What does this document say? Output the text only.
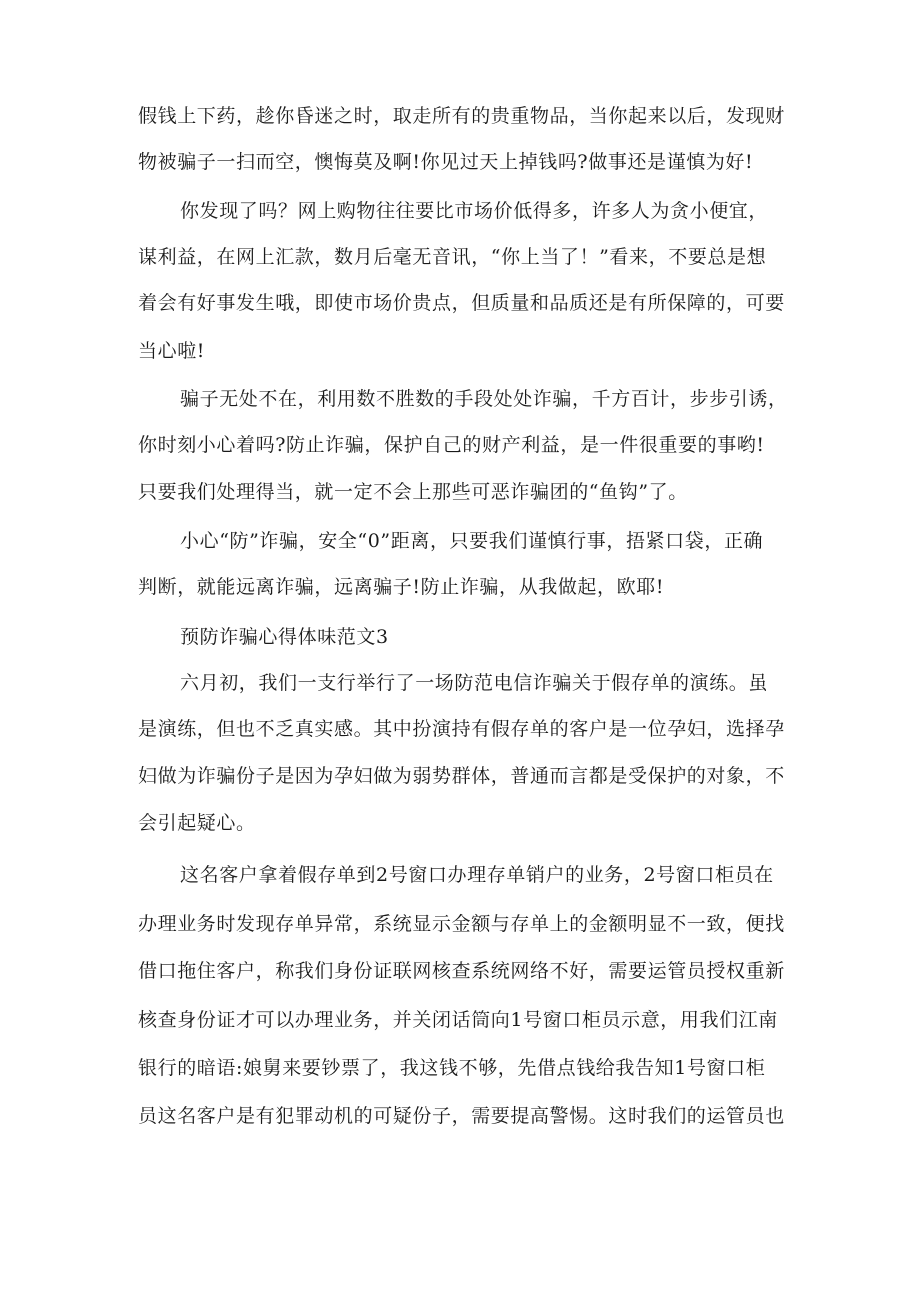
假钱上下药，趁你昏迷之时，取走所有的贵重物品，当你起来以后，发现财
物被骗子一扫而空，懊悔莫及啊!你见过天上掉钱吗?做事还是谨慎为好!
你发现了吗？网上购物往往要比市场价低得多，许多人为贪小便宜，
谋利益，在网上汇款，数月后毫无音讯，“你上当了！”看来，不要总是想
着会有好事发生哦，即使市场价贵点，但质量和品质还是有所保障的，可要
当心啦!
骗子无处不在，利用数不胜数的手段处处诈骗，千方百计，步步引诱，
你时刻小心着吗?防止诈骗，保护自己的财产利益，是一件很重要的事哟!
只要我们处理得当，就一定不会上那些可恶诈骗团的“鱼钩”了。
小心“防”诈骗，安全“0”距离，只要我们谨慎行事，捂紧口袋，正确
判断，就能远离诈骗，远离骗子!防止诈骗，从我做起，欧耶!
预防诈骗心得体味范文3
六月初，我们一支行举行了一场防范电信诈骗关于假存单的演练。虽
是演练，但也不乏真实感。其中扮演持有假存单的客户是一位孕妇，选择孕
妇做为诈骗份子是因为孕妇做为弱势群体，普通而言都是受保护的对象，不
会引起疑心。
这名客户拿着假存单到2号窗口办理存单销户的业务，2号窗口柜员在
办理业务时发现存单异常，系统显示金额与存单上的金额明显不一致，便找
借口拖住客户，称我们身份证联网核查系统网络不好，需要运管员授权重新
核查身份证才可以办理业务，并关闭话筒向1号窗口柜员示意，用我们江南
银行的暗语:娘舅来要钞票了，我这钱不够，先借点钱给我告知1号窗口柜
员这名客户是有犯罪动机的可疑份子，需要提高警惕。这时我们的运管员也
